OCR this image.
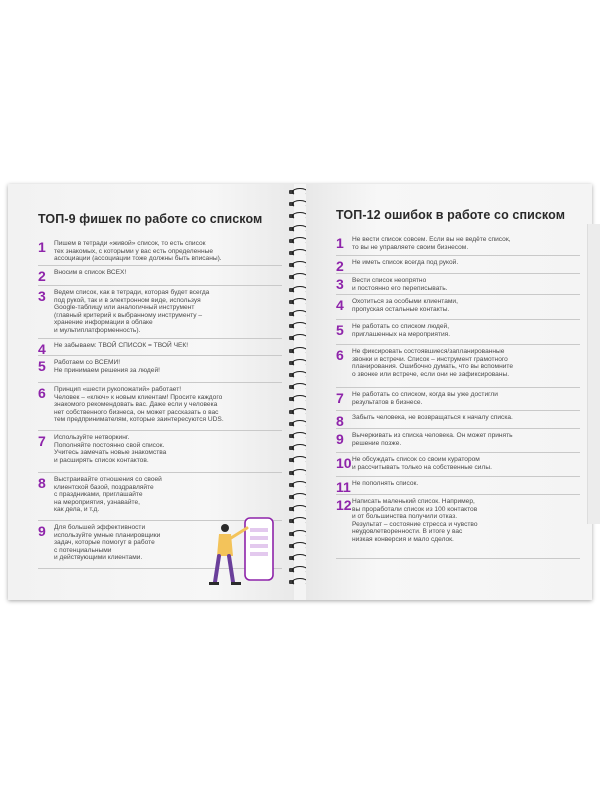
ТОП-9 фишек по работе со списком
1 Пишем в тетради «живой» список, то есть список
тех знакомых, с которыми у вас есть определенные
ассоциации (ассоциации тоже должны быть вписаны).
2 Вносим в список ВСЕХ!
3 Ведем список, как в тетради, которая будет всегда
под рукой, так и в электронном виде, используя
Google-таблицу или аналогичный инструмент
(главный критерий к выбранному инструменту –
хранение информации в облаке
и мультиплатформенность).
4 Не забываем: ТВОЙ СПИСОК = ТВОЙ ЧЕК!
5 Работаем со ВСЕМИ!
Не принимаем решения за людей!
6 Принцип «шести рукопожатий» работает!
Человек – «ключ» к новым клиентам! Просите каждого
знакомого рекомендовать вас. Даже если у человека
нет собственного бизнеса, он может рассказать о вас
тем предпринимателям, которые заинтересуются UDS.
7 Используйте нетворкинг.
Пополняйте постоянно свой список.
Учитесь замечать новые знакомства
и расширять список контактов.
8 Выстраивайте отношения со своей
клиентской базой, поздравляйте
с праздниками, приглашайте
на мероприятия, узнавайте,
как дела, и т.д.
9 Для большей эффективности
используйте умные планировщики
задач, которые помогут в работе
с потенциальными
и действующими клиентами.
ТОП-12 ошибок в работе со списком
1 Не вести список совсем. Если вы не ведёте список,
то вы не управляете своим бизнесом.
2 Не иметь список всегда под рукой.
3 Вести список неопрятно
и постоянно его переписывать.
4 Охотиться за особыми клиентами,
пропуская остальные контакты.
5 Не работать со списком людей,
приглашенных на мероприятия.
6 Не фиксировать состоявшиеся/запланированные
звонки и встречи. Список – инструмент грамотного
планирования. Ошибочно думать, что вы вспомните
о звонке или встрече, если они не зафиксированы.
7 Не работать со списком, когда вы уже достигли
результатов в бизнесе.
8 Забыть человека, не возвращаться к началу списка.
9 Вычеркивать из списка человека. Он может принять
решение позже.
10 Не обсуждать список со своим куратором
и рассчитывать только на собственные силы.
11 Не пополнять список.
12 Написать маленький список. Например,
вы проработали список из 100 контактов
и от большинства получили отказ.
Результат – состояние стресса и чувство
неудовлетворенности. В итоге у вас
низкая конверсия и мало сделок.
